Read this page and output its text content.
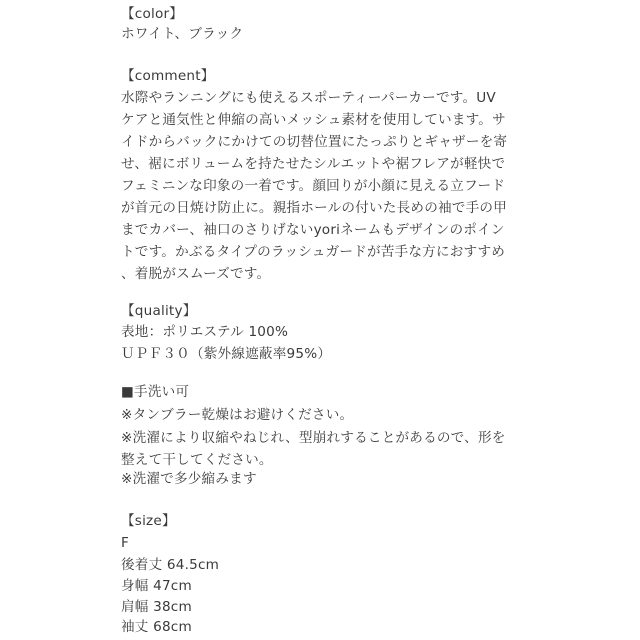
【color】
ホワイト、ブラック
【comment】
水際やランニングにも使えるスポーティーパーカーです。UV
ケアと通気性と伸縮の高いメッシュ素材を使用しています。サ
イドからバックにかけての切替位置にたっぷりとギャザーを寄
せ、裾にボリュームを持たせたシルエットや裾フレアが軽快で
フェミニンな印象の一着です。顔回りが小顔に見える立フード
が首元の日焼け防止に。親指ホールの付いた長めの袖で手の甲
までカバー、袖口のさりげないyoriネームもデザインのポイン
トです。かぶるタイプのラッシュガードが苦手な方におすすめ
、着脱がスムーズです。
【quality】
表地：ポリエステル 100%
ＵＰＦ３０（紫外線遮蔽率95%）
■手洗い可
※タンブラー乾燥はお避けください。
※洗濯により収縮やねじれ、型崩れすることがあるので、形を
整えて干してください。
※洗濯で多少縮みます
【size】
F
後着丈 64.5cm
身幅 47cm
肩幅 38cm
袖丈 68cm
